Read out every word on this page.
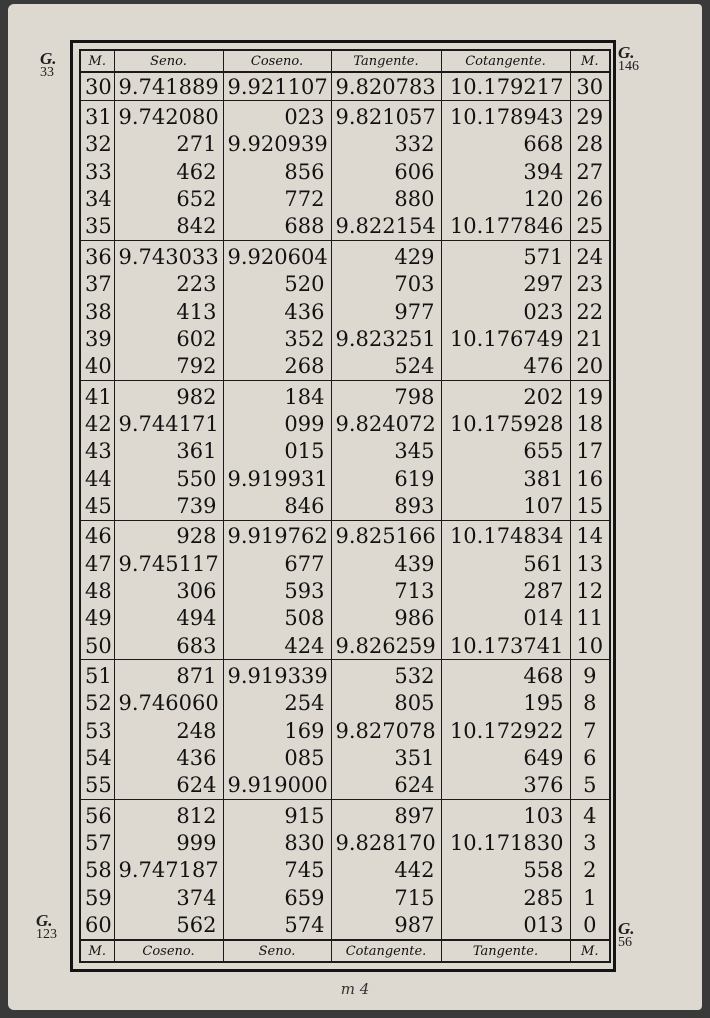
G.
33
G.
146
G.
123	G.
56
M.	Seno.	Coseno.	Tangente.	Cotangente.	M.
30	9.741889	9.921107	9.820783	10.179217	30
31	9.742080	023	9.821057	10.178943	29
32	271	9.920939	332	668	28
33	462	856	606	394	27
34	652	772	880	120	26
35	842	688	9.822154	10.177846	25
36	9.743033	9.920604	429	571	24
37	223	520	703	297	23
38	413	436	977	023	22
39	602	352	9.823251	10.176749	21
40	792	268	524	476	20
41	982	184	798	202	19
42	9.744171	099	9.824072	10.175928	18
43	361	015	345	655	17
44	550	9.919931	619	381	16
45	739	846	893	107	15
46	928	9.919762	9.825166	10.174834	14
47	9.745117	677	439	561	13
48	306	593	713	287	12
49	494	508	986	014	11
50	683	424	9.826259	10.173741	10
51	871	9.919339	532	468	9
52	9.746060	254	805	195	8
53	248	169	9.827078	10.172922	7
54	436	085	351	649	6
55	624	9.919000	624	376	5
56	812	915	897	103	4
57	999	830	9.828170	10.171830	3
58	9.747187	745	442	558	2
59	374	659	715	285	1
60	562	574	987	013	0
M.	Coseno.	Seno.	Cotangente.	Tangente.	M.
m 4
